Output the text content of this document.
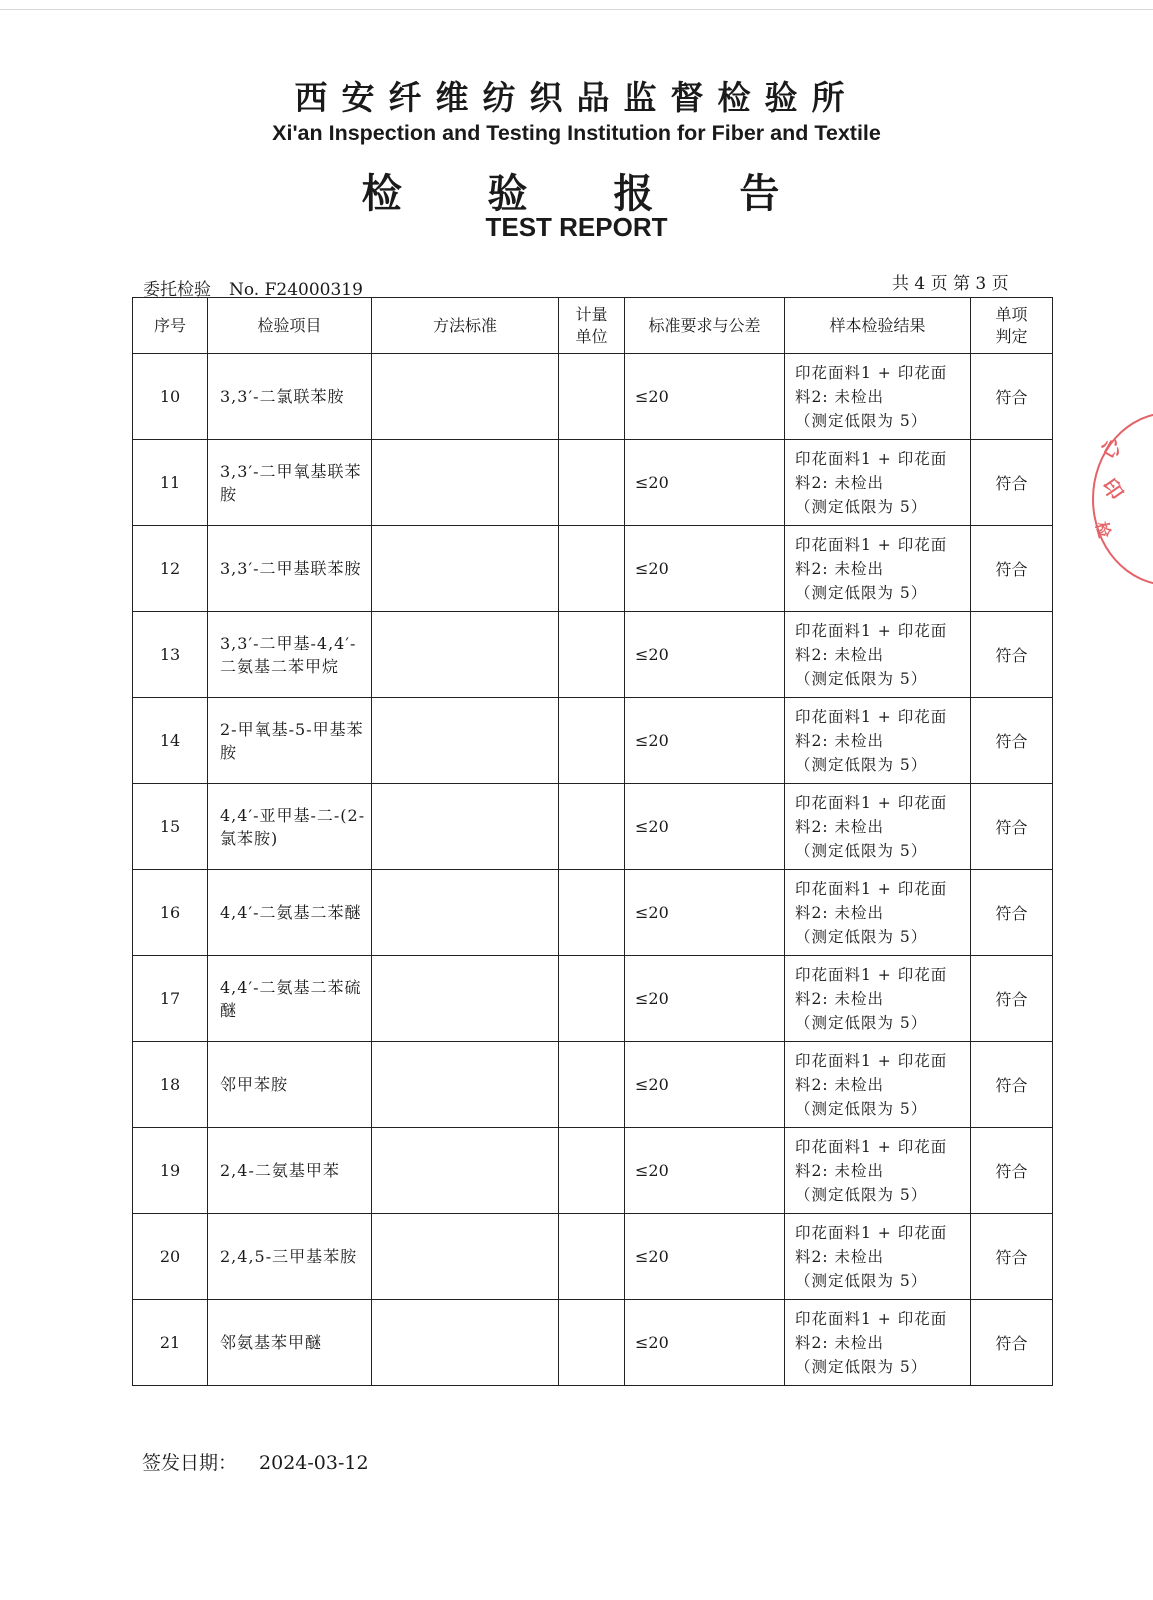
西安纤维纺织品监督检验所
Xi'an Inspection and Testing Institution for Fiber and Textile
检 验 报 告
TEST REPORT
委托检验 No. F24000319	共 4 页 第 3 页
序号	检验项目	方法标准	计量单位	标准要求与公差	样本检验结果	单项判定

10	3,3′-二氯联苯胺			≤20	印花面料1 + 印花面
料2: 未检出
（测定低限为 5）	符合
11	3,3′-二甲氧基联苯胺			≤20	印花面料1 + 印花面
料2: 未检出
（测定低限为 5）	符合
12	3,3′-二甲基联苯胺			≤20	印花面料1 + 印花面
料2: 未检出
（测定低限为 5）	符合
13	3,3′-二甲基-4,4′-二氨基二苯甲烷			≤20	印花面料1 + 印花面
料2: 未检出
（测定低限为 5）	符合
14	2-甲氧基-5-甲基苯胺			≤20	印花面料1 + 印花面
料2: 未检出
（测定低限为 5）	符合
15	4,4′-亚甲基-二-(2-氯苯胺)			≤20	印花面料1 + 印花面
料2: 未检出
（测定低限为 5）	符合
16	4,4′-二氨基二苯醚			≤20	印花面料1 + 印花面
料2: 未检出
（测定低限为 5）	符合
17	4,4′-二氨基二苯硫醚			≤20	印花面料1 + 印花面
料2: 未检出
（测定低限为 5）	符合
18	邻甲苯胺			≤20	印花面料1 + 印花面
料2: 未检出
（测定低限为 5）	符合
19	2,4-二氨基甲苯			≤20	印花面料1 + 印花面
料2: 未检出
（测定低限为 5）	符合
20	2,4,5-三甲基苯胺			≤20	印花面料1 + 印花面
料2: 未检出
（测定低限为 5）	符合
21	邻氨基苯甲醚			≤20	印花面料1 + 印花面
料2: 未检出
（测定低限为 5）	符合
签发日期： 2024-03-12
心
印
检
